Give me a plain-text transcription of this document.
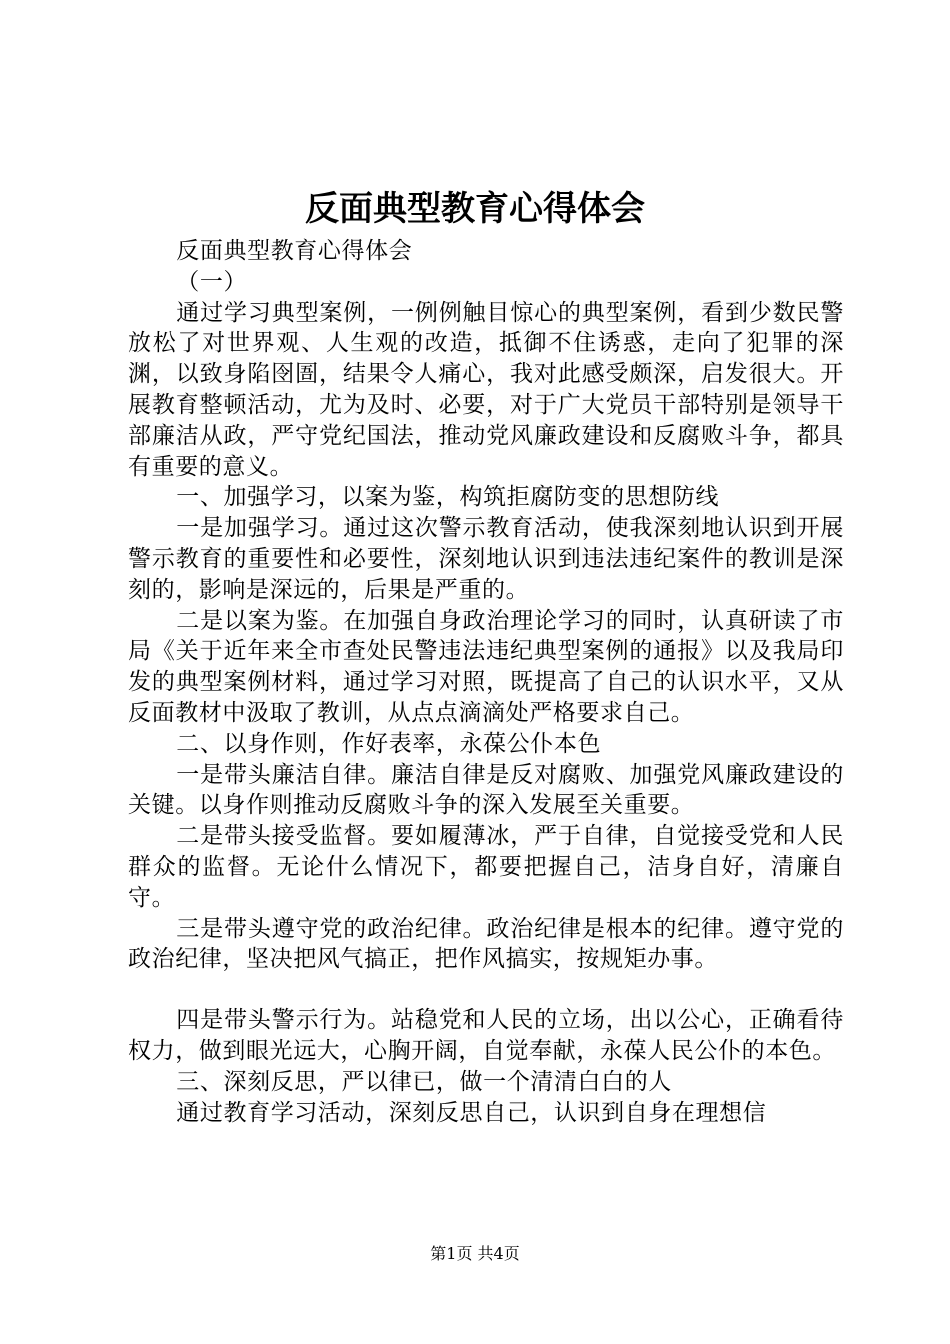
反面典型教育心得体会

反面典型教育心得体会

（一）

通过学习典型案例，一例例触目惊心的典型案例，看到少数民警放松了对世界观、人生观的改造，抵御不住诱惑，走向了犯罪的深渊，以致身陷囹圄，结果令人痛心，我对此感受颇深，启发很大。开展教育整顿活动，尤为及时、必要，对于广大党员干部特别是领导干部廉洁从政，严守党纪国法，推动党风廉政建设和反腐败斗争，都具有重要的意义。

一、加强学习，以案为鉴，构筑拒腐防变的思想防线

一是加强学习。通过这次警示教育活动，使我深刻地认识到开展警示教育的重要性和必要性，深刻地认识到违法违纪案件的教训是深刻的，影响是深远的，后果是严重的。

二是以案为鉴。在加强自身政治理论学习的同时，认真研读了市局《关于近年来全市查处民警违法违纪典型案例的通报》以及我局印发的典型案例材料，通过学习对照，既提高了自己的认识水平，又从反面教材中汲取了教训，从点点滴滴处严格要求自己。

二、以身作则，作好表率，永葆公仆本色

一是带头廉洁自律。廉洁自律是反对腐败、加强党风廉政建设的关键。以身作则推动反腐败斗争的深入发展至关重要。

二是带头接受监督。要如履薄冰，严于自律，自觉接受党和人民群众的监督。无论什么情况下，都要把握自己，洁身自好，清廉自守。

三是带头遵守党的政治纪律。政治纪律是根本的纪律。遵守党的政治纪律，坚决把风气搞正，把作风搞实，按规矩办事。

四是带头警示行为。站稳党和人民的立场，出以公心，正确看待权力，做到眼光远大，心胸开阔，自觉奉献，永葆人民公仆的本色。

三、深刻反思，严以律已，做一个清清白白的人

通过教育学习活动，深刻反思自己，认识到自身在理想信

第1页 共4页
